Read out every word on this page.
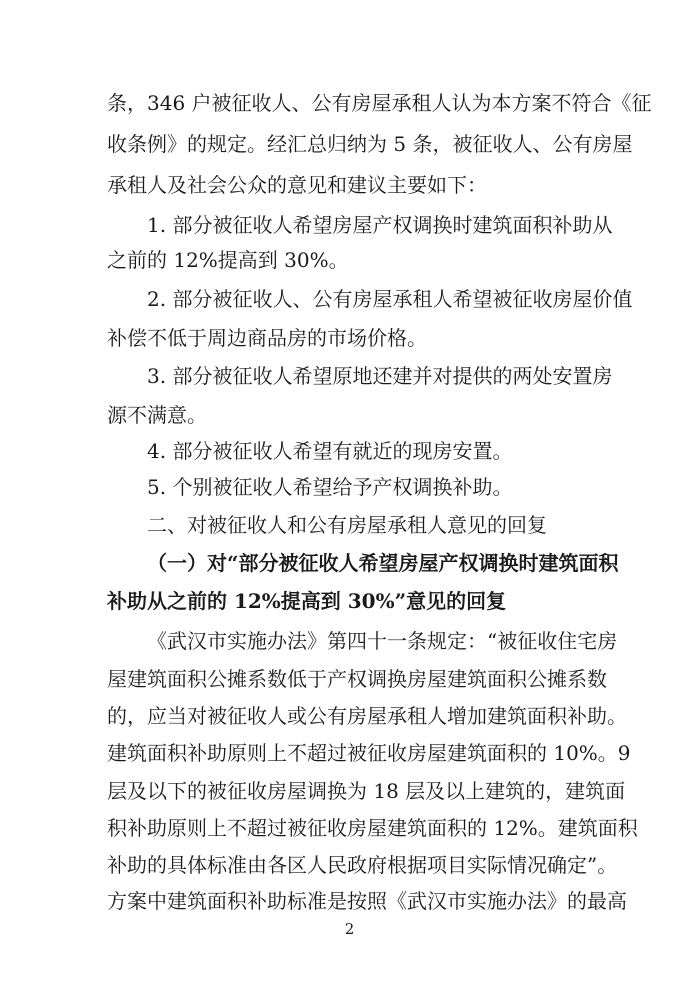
条，346 户被征收人、公有房屋承租人认为本方案不符合《征
收条例》的规定。经汇总归纳为 5 条，被征收人、公有房屋
承租人及社会公众的意见和建议主要如下：
1. 部分被征收人希望房屋产权调换时建筑面积补助从
之前的 12%提高到 30%。
2. 部分被征收人、公有房屋承租人希望被征收房屋价值
补偿不低于周边商品房的市场价格。
3. 部分被征收人希望原地还建并对提供的两处安置房
源不满意。
4. 部分被征收人希望有就近的现房安置。
5. 个别被征收人希望给予产权调换补助。
二、对被征收人和公有房屋承租人意见的回复
（一）对“部分被征收人希望房屋产权调换时建筑面积
补助从之前的 12%提高到 30%”意见的回复
《武汉市实施办法》第四十一条规定：“被征收住宅房
屋建筑面积公摊系数低于产权调换房屋建筑面积公摊系数
的，应当对被征收人或公有房屋承租人增加建筑面积补助。
建筑面积补助原则上不超过被征收房屋建筑面积的 10%。9
层及以下的被征收房屋调换为 18 层及以上建筑的，建筑面
积补助原则上不超过被征收房屋建筑面积的 12%。建筑面积
补助的具体标准由各区人民政府根据项目实际情况确定”。
方案中建筑面积补助标准是按照《武汉市实施办法》的最高
2
